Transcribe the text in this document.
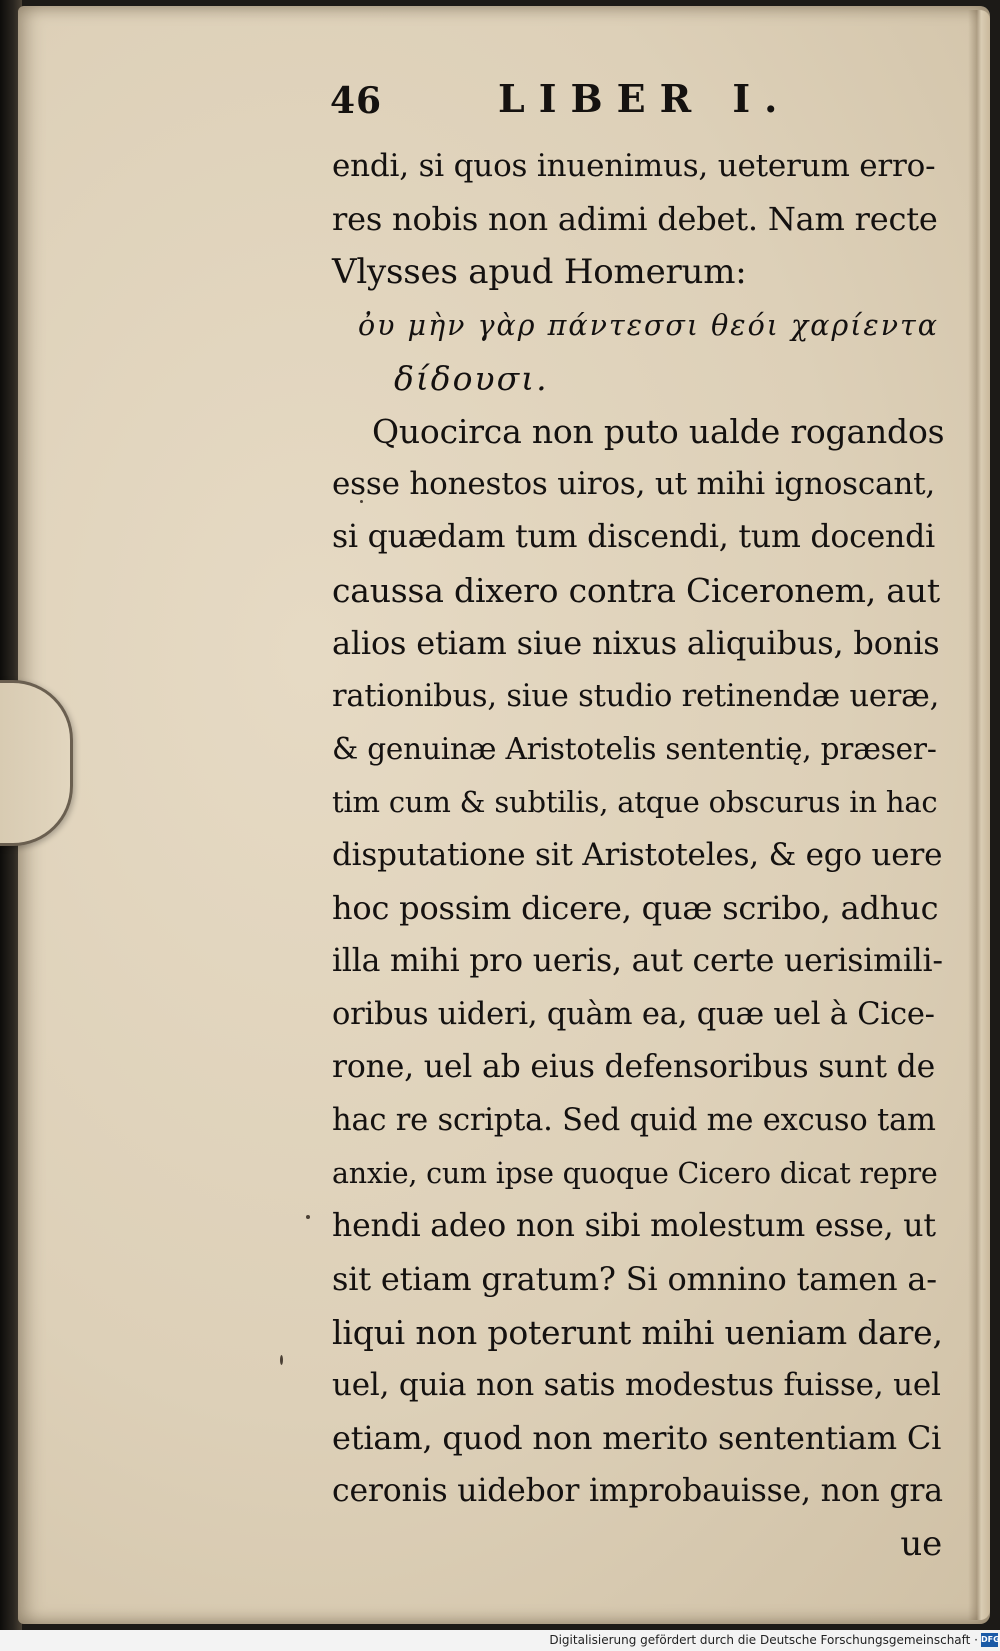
46	LIBER I.
endi, si quos inuenimus, ueterum erro-
res nobis non adimi debet. Nam recte
Vlysses apud Homerum:
ὀυ μὴν γὰρ πάντεσσι θεόι χαρίεντα
δίδουσι.
Quocirca non puto ualde rogandos
esse honestos uiros, ut mihi ignoscant,
si quædam tum discendi, tum docendi
caussa dixero contra Ciceronem, aut
alios etiam siue nixus aliquibus, bonis
rationibus, siue studio retinendæ ueræ,
& genuinæ Aristotelis sententię, præser-
tim cum & subtilis, atque obscurus in hac
disputatione sit Aristoteles, & ego uere
hoc possim dicere, quæ scribo, adhuc
illa mihi pro ueris, aut certe uerisimili-
oribus uideri, quàm ea, quæ uel à Cice-
rone, uel ab eius defensoribus sunt de
hac re scripta. Sed quid me excuso tam
anxie, cum ipse quoque Cicero dicat repre
hendi adeo non sibi molestum esse, ut
sit etiam gratum? Si omnino tamen a-
liqui non poterunt mihi ueniam dare,
uel, quia non satis modestus fuisse, uel
etiam, quod non merito sententiam Ci
ceronis uidebor improbauisse, non gra
ue
Digitalisierung gefördert durch die Deutsche Forschungsgemeinschaft · DFG
